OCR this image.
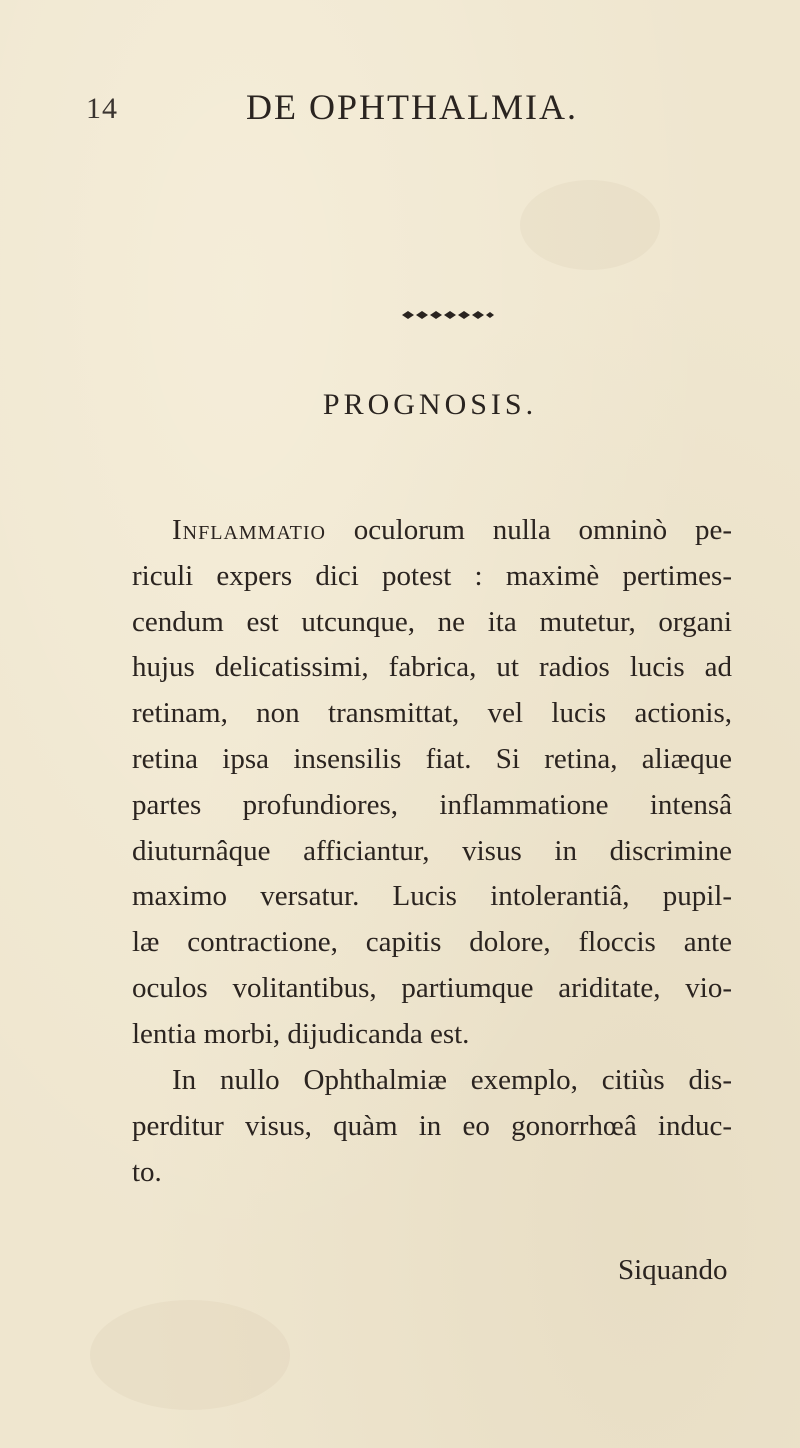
14	DE OPHTHALMIA.
PROGNOSIS.
Inflammatio oculorum nulla omninò pe-
riculi expers dici potest : maximè pertimes-
cendum est utcunque, ne ita mutetur, organi
hujus delicatissimi, fabrica, ut radios lucis ad
retinam, non transmittat, vel lucis actionis,
retina ipsa insensilis fiat. Si retina, aliæque
partes profundiores, inflammatione intensâ
diuturnâque afficiantur, visus in discrimine
maximo versatur. Lucis intolerantiâ, pupil-
læ contractione, capitis dolore, floccis ante
oculos volitantibus, partiumque ariditate, vio-
lentia morbi, dijudicanda est.
In nullo Ophthalmiæ exemplo, citiùs dis-
perditur visus, quàm in eo gonorrhœâ induc-
to.
Siquando
